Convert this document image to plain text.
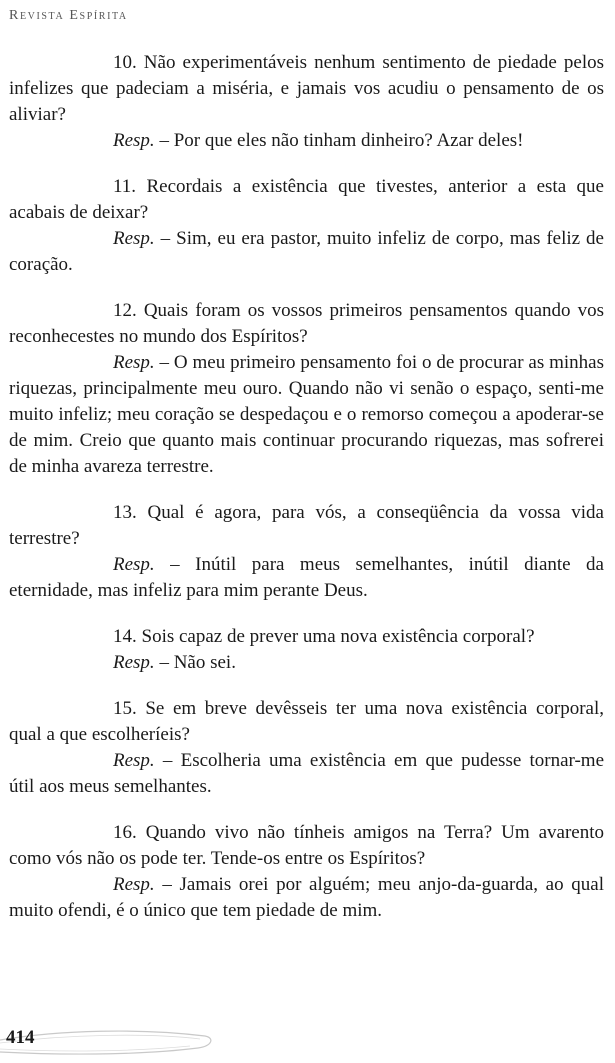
Revista Espírita

10. Não experimentáveis nenhum sentimento de piedade pelos infelizes que padeciam a miséria, e jamais vos acudiu o pensamento de os aliviar?

Resp. – Por que eles não tinham dinheiro? Azar deles!

11. Recordais a existência que tivestes, anterior a esta que acabais de deixar?

Resp. – Sim, eu era pastor, muito infeliz de corpo, mas feliz de coração.

12. Quais foram os vossos primeiros pensamentos quando vos reconhecestes no mundo dos Espíritos?

Resp. – O meu primeiro pensamento foi o de procurar as minhas riquezas, principalmente meu ouro. Quando não vi senão o espaço, senti-me muito infeliz; meu coração se despedaçou e o remorso começou a apoderar-se de mim. Creio que quanto mais continuar procurando riquezas, mas sofrerei de minha avareza terrestre.

13. Qual é agora, para vós, a conseqüência da vossa vida terrestre?

Resp. – Inútil para meus semelhantes, inútil diante da eternidade, mas infeliz para mim perante Deus.

14. Sois capaz de prever uma nova existência corporal?

Resp. – Não sei.

15. Se em breve devêsseis ter uma nova existência corporal, qual a que escolheríeis?

Resp. – Escolheria uma existência em que pudesse tornar-me útil aos meus semelhantes.

16. Quando vivo não tínheis amigos na Terra? Um avarento como vós não os pode ter. Tende-os entre os Espíritos?

Resp. – Jamais orei por alguém; meu anjo-da-guarda, ao qual muito ofendi, é o único que tem piedade de mim.

414
